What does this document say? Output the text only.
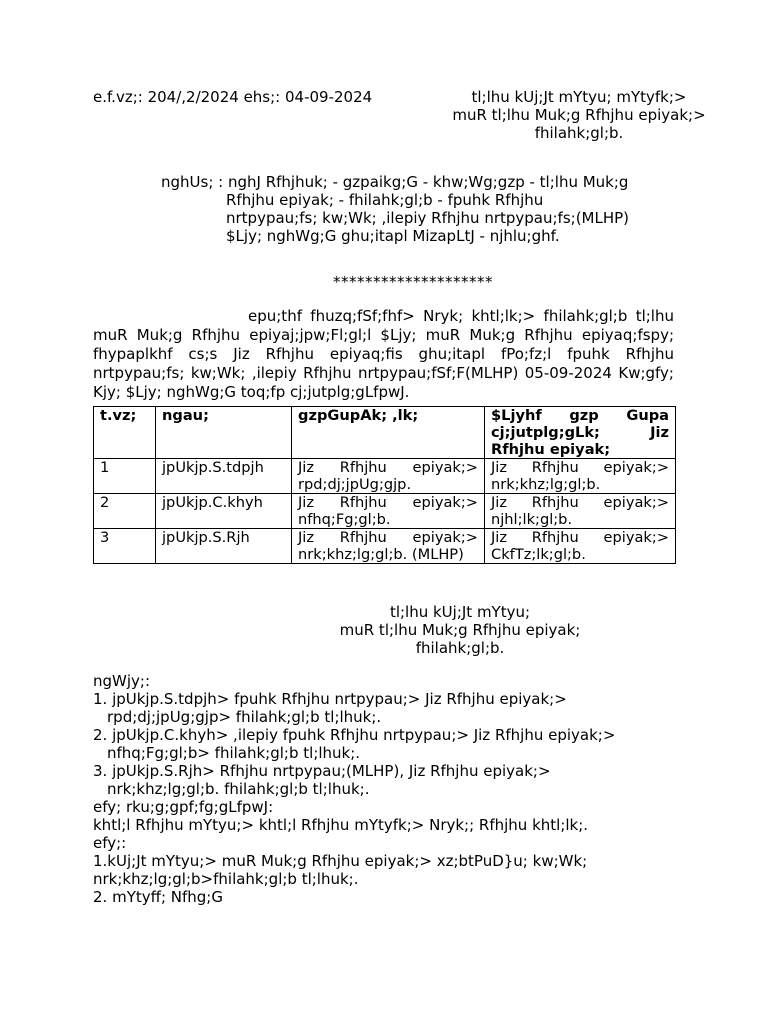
e.f.vz;: 204/,2/2024 ehs;: 04-09-2024	tl;lhu kUj;Jt mYtyu; mYtyfk;>
muR tl;lhu Muk;g Rfhjhu epiyak;>
fhilahk;gl;b.
nghUs; : nghJ Rfhjhuk; - gzpaikg;G - khw;Wg;gzp - tl;lhu Muk;g
Rfhjhu epiyak; - fhilahk;gl;b - fpuhk Rfhjhu
nrtpypau;fs; kw;Wk; ,ilepiy Rfhjhu nrtpypau;fs;(MLHP)
$Ljy; nghWg;G ghu;itapl MizapLtJ - njhlu;ghf.
********************
epu;thf fhuzq;fSf;fhf> Nryk; khtl;lk;> fhilahk;gl;b tl;lhu muR Muk;g Rfhjhu epiyaj;jpw;Fl;gl;l $Ljy; muR Muk;g Rfhjhu epiyaq;fspy; fhypaplkhf cs;s Jiz Rfhjhu epiyaq;fis ghu;itapl fPo;fz;l fpuhk Rfhjhu nrtpypau;fs; kw;Wk; ,ilepiy Rfhjhu nrtpypau;fSf;F(MLHP) 05-09-2024 Kw;gfy; Kjy; $Ljy; nghWg;G toq;fp cj;jutplg;gLfpwJ.
t.vz;	ngau;	gzpGupAk; ,lk;	$Ljyhf gzp Gupa cj;jutplg;gLk; Jiz Rfhjhu epiyak;
1	jpUkjp.S.tdpjh	Jiz Rfhjhu epiyak;> rpd;dj;jpUg;gjp.	Jiz Rfhjhu epiyak;> nrk;khz;lg;gl;b.
2	jpUkjp.C.khyh	Jiz Rfhjhu epiyak;> nfhq;Fg;gl;b.	Jiz Rfhjhu epiyak;> njhl;lk;gl;b.
3	jpUkjp.S.Rjh	Jiz Rfhjhu epiyak;> nrk;khz;lg;gl;b. (MLHP)	Jiz Rfhjhu epiyak;> CkfTz;lk;gl;b.
tl;lhu kUj;Jt mYtyu;
muR tl;lhu Muk;g Rfhjhu epiyak;
fhilahk;gl;b.
ngWjy;:
1. jpUkjp.S.tdpjh> fpuhk Rfhjhu nrtpypau;> Jiz Rfhjhu epiyak;>
rpd;dj;jpUg;gjp> fhilahk;gl;b tl;lhuk;.
2. jpUkjp.C.khyh> ,ilepiy fpuhk Rfhjhu nrtpypau;> Jiz Rfhjhu epiyak;>
nfhq;Fg;gl;b> fhilahk;gl;b tl;lhuk;.
3. jpUkjp.S.Rjh> Rfhjhu nrtpypau;(MLHP), Jiz Rfhjhu epiyak;>
nrk;khz;lg;gl;b. fhilahk;gl;b tl;lhuk;.
efy; rku;g;gpf;fg;gLfpwJ:
khtl;l Rfhjhu mYtyu;> khtl;l Rfhjhu mYtyfk;> Nryk;; Rfhjhu khtl;lk;.
efy;:
1.kUj;Jt mYtyu;> muR Muk;g Rfhjhu epiyak;> xz;btPuD}u; kw;Wk;
nrk;khz;lg;gl;b>fhilahk;gl;b tl;lhuk;.
2. mYtyff; Nfhg;G
